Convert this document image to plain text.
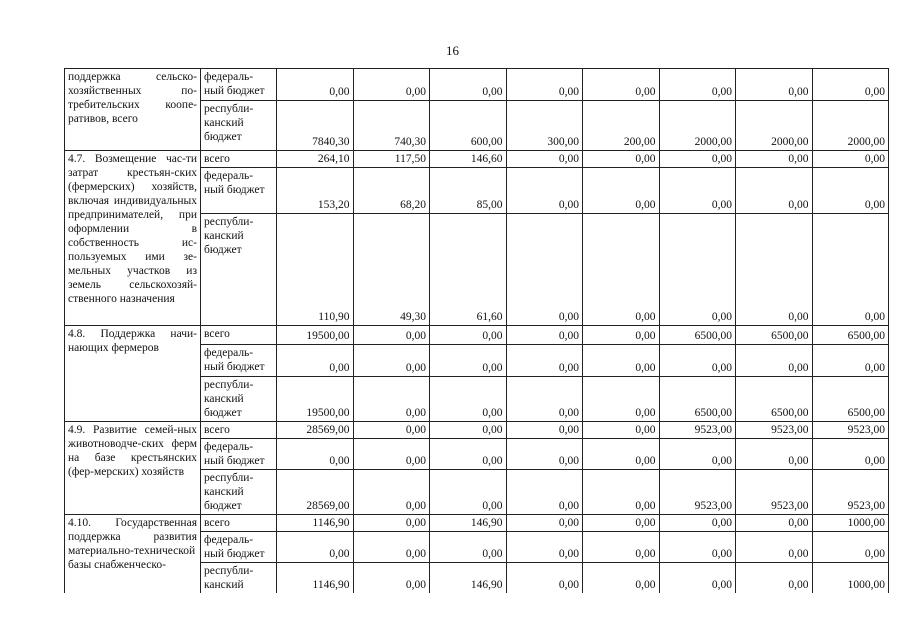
16
поддержка сельско-хозяйственных по-требительских коопе-ративов, всего	федераль-ный бюджет	0,00	0,00	0,00	0,00	0,00	0,00	0,00	0,00
	республи-канский бюджет	7840,30	740,30	600,00	300,00	200,00	2000,00	2000,00	2000,00
4.7. Возмещение час-ти затрат крестьян-ских (фермерских) хозяйств, включая индивидуальных предпринимателей, при оформлении в собственность ис-пользуемых ими зе-мельных участков из земель сельскохозяй-ственного назначения	всего	264,10	117,50	146,60	0,00	0,00	0,00	0,00	0,00
	федераль-ный бюджет	153,20	68,20	85,00	0,00	0,00	0,00	0,00	0,00
	республи-канский бюджет	110,90	49,30	61,60	0,00	0,00	0,00	0,00	0,00
4.8. Поддержка начи-нающих фермеров	всего	19500,00	0,00	0,00	0,00	0,00	6500,00	6500,00	6500,00
	федераль-ный бюджет	0,00	0,00	0,00	0,00	0,00	0,00	0,00	0,00
	республи-канский бюджет	19500,00	0,00	0,00	0,00	0,00	6500,00	6500,00	6500,00
4.9. Развитие семей-ных животноводче-ских ферм на базе крестьянских (фер-мерских) хозяйств	всего	28569,00	0,00	0,00	0,00	0,00	9523,00	9523,00	9523,00
	федераль-ный бюджет	0,00	0,00	0,00	0,00	0,00	0,00	0,00	0,00
	республи-канский бюджет	28569,00	0,00	0,00	0,00	0,00	9523,00	9523,00	9523,00
4.10. Государственная поддержка развития материально-технической базы снабженческо-	всего	1146,90	0,00	146,90	0,00	0,00	0,00	0,00	1000,00
	федераль-ный бюджет	0,00	0,00	0,00	0,00	0,00	0,00	0,00	0,00
	республи-канский	1146,90	0,00	146,90	0,00	0,00	0,00	0,00	1000,00
